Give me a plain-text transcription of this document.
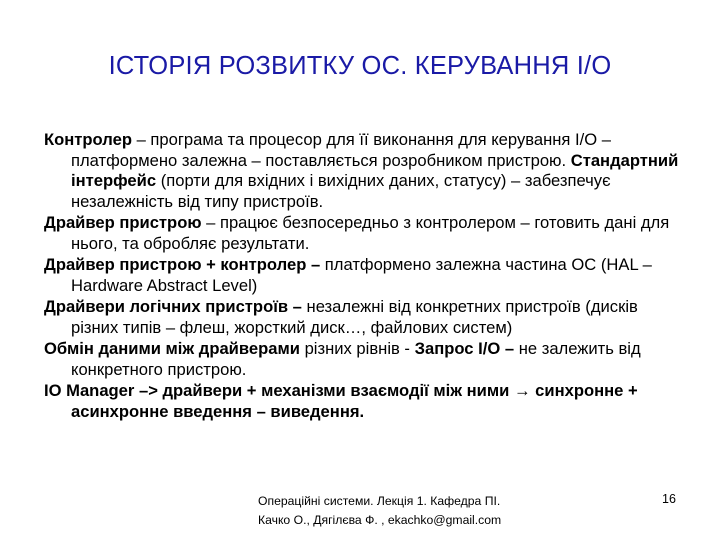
ІСТОРІЯ РОЗВИТКУ ОС. КЕРУВАННЯ І/О

Контролер – програма та процесор для її виконання для керування І/О – платформено залежна – поставляється розробником пристрою. Стандартний інтерфейс (порти для вхідних і вихідних даних, статусу) – забезпечує незалежність від типу пристроїв.

Драйвер пристрою – працює безпосередньо з контролером – готовить дані для нього, та обробляє результати.

Драйвер пристрою + контролер – платформено залежна частина ОС (HAL – Hardware Abstract Level)

Драйвери логічних пристроїв – незалежні від конкретних пристроїв (дисків різних типів – флеш, жорсткий диск…, файлових систем)

Обмін даними між драйверами різних рівнів - Запрос І/О – не залежить від конкретного пристрою.

IO Manager –> драйвери + механізми взаємодії між ними → синхронне + асинхронне введення – виведення.

Операційні системи. Лекція 1. Кафедра ПІ.
Качко О., Дягілєва Ф. , ekachko@gmail.com
16
